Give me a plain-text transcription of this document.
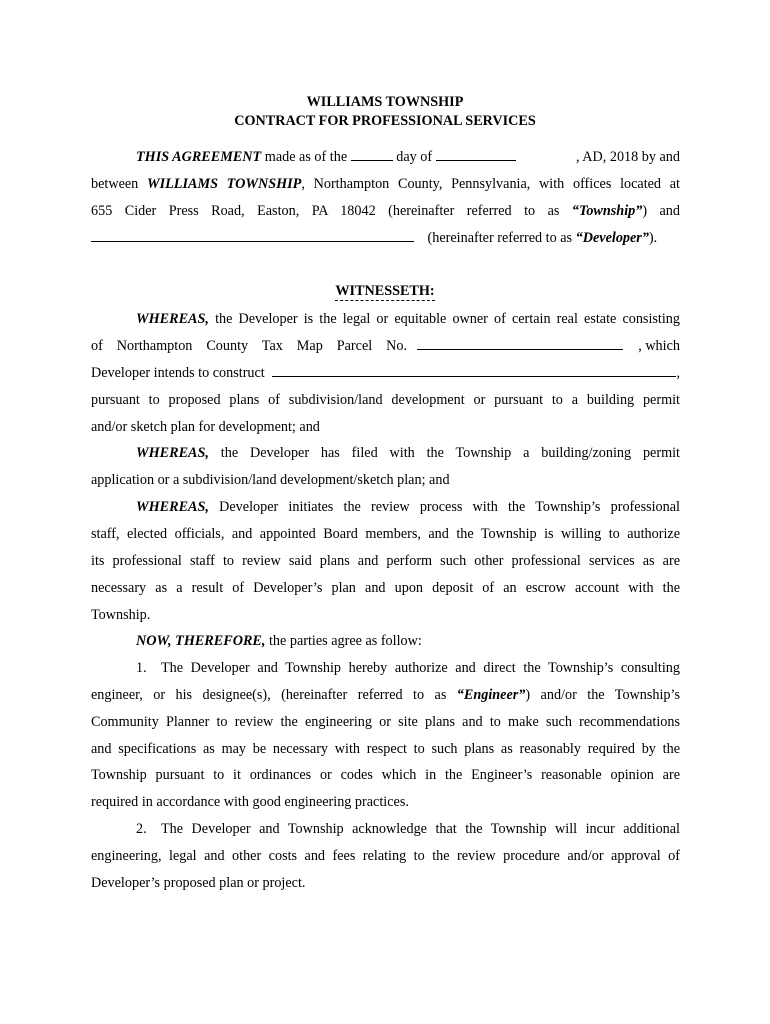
WILLIAMS TOWNSHIP
CONTRACT FOR PROFESSIONAL SERVICES
THIS AGREEMENT made as of the	day of	, AD, 2018 by and
between WILLIAMS TOWNSHIP, Northampton County, Pennsylvania, with offices located at
655 Cider Press Road, Easton, PA 18042 (hereinafter referred to as “Township”) and
(hereinafter referred to as “Developer”).
WITNESSETH:
WHEREAS, the Developer is the legal or equitable owner of certain real estate consisting
of Northampton County Tax Map Parcel No.	, which
Developer intends to construct	,
pursuant to proposed plans of subdivision/land development or pursuant to a building permit
and/or sketch plan for development; and
WHEREAS, the Developer has filed with the Township a building/zoning permit
application or a subdivision/land development/sketch plan; and
WHEREAS, Developer initiates the review process with the Township’s professional
staff, elected officials, and appointed Board members, and the Township is willing to authorize
its professional staff to review said plans and perform such other professional services as are
necessary as a result of Developer’s plan and upon deposit of an escrow account with the
Township.
NOW, THEREFORE, the parties agree as follow:
1.	The Developer and Township hereby authorize and direct the Township’s consulting
engineer, or his designee(s), (hereinafter referred to as “Engineer”) and/or the Township’s
Community Planner to review the engineering or site plans and to make such recommendations
and specifications as may be necessary with respect to such plans as reasonably required by the
Township pursuant to it ordinances or codes which in the Engineer’s reasonable opinion are
required in accordance with good engineering practices.
2.	The Developer and Township acknowledge that the Township will incur additional
engineering, legal and other costs and fees relating to the review procedure and/or approval of
Developer’s proposed plan or project.
